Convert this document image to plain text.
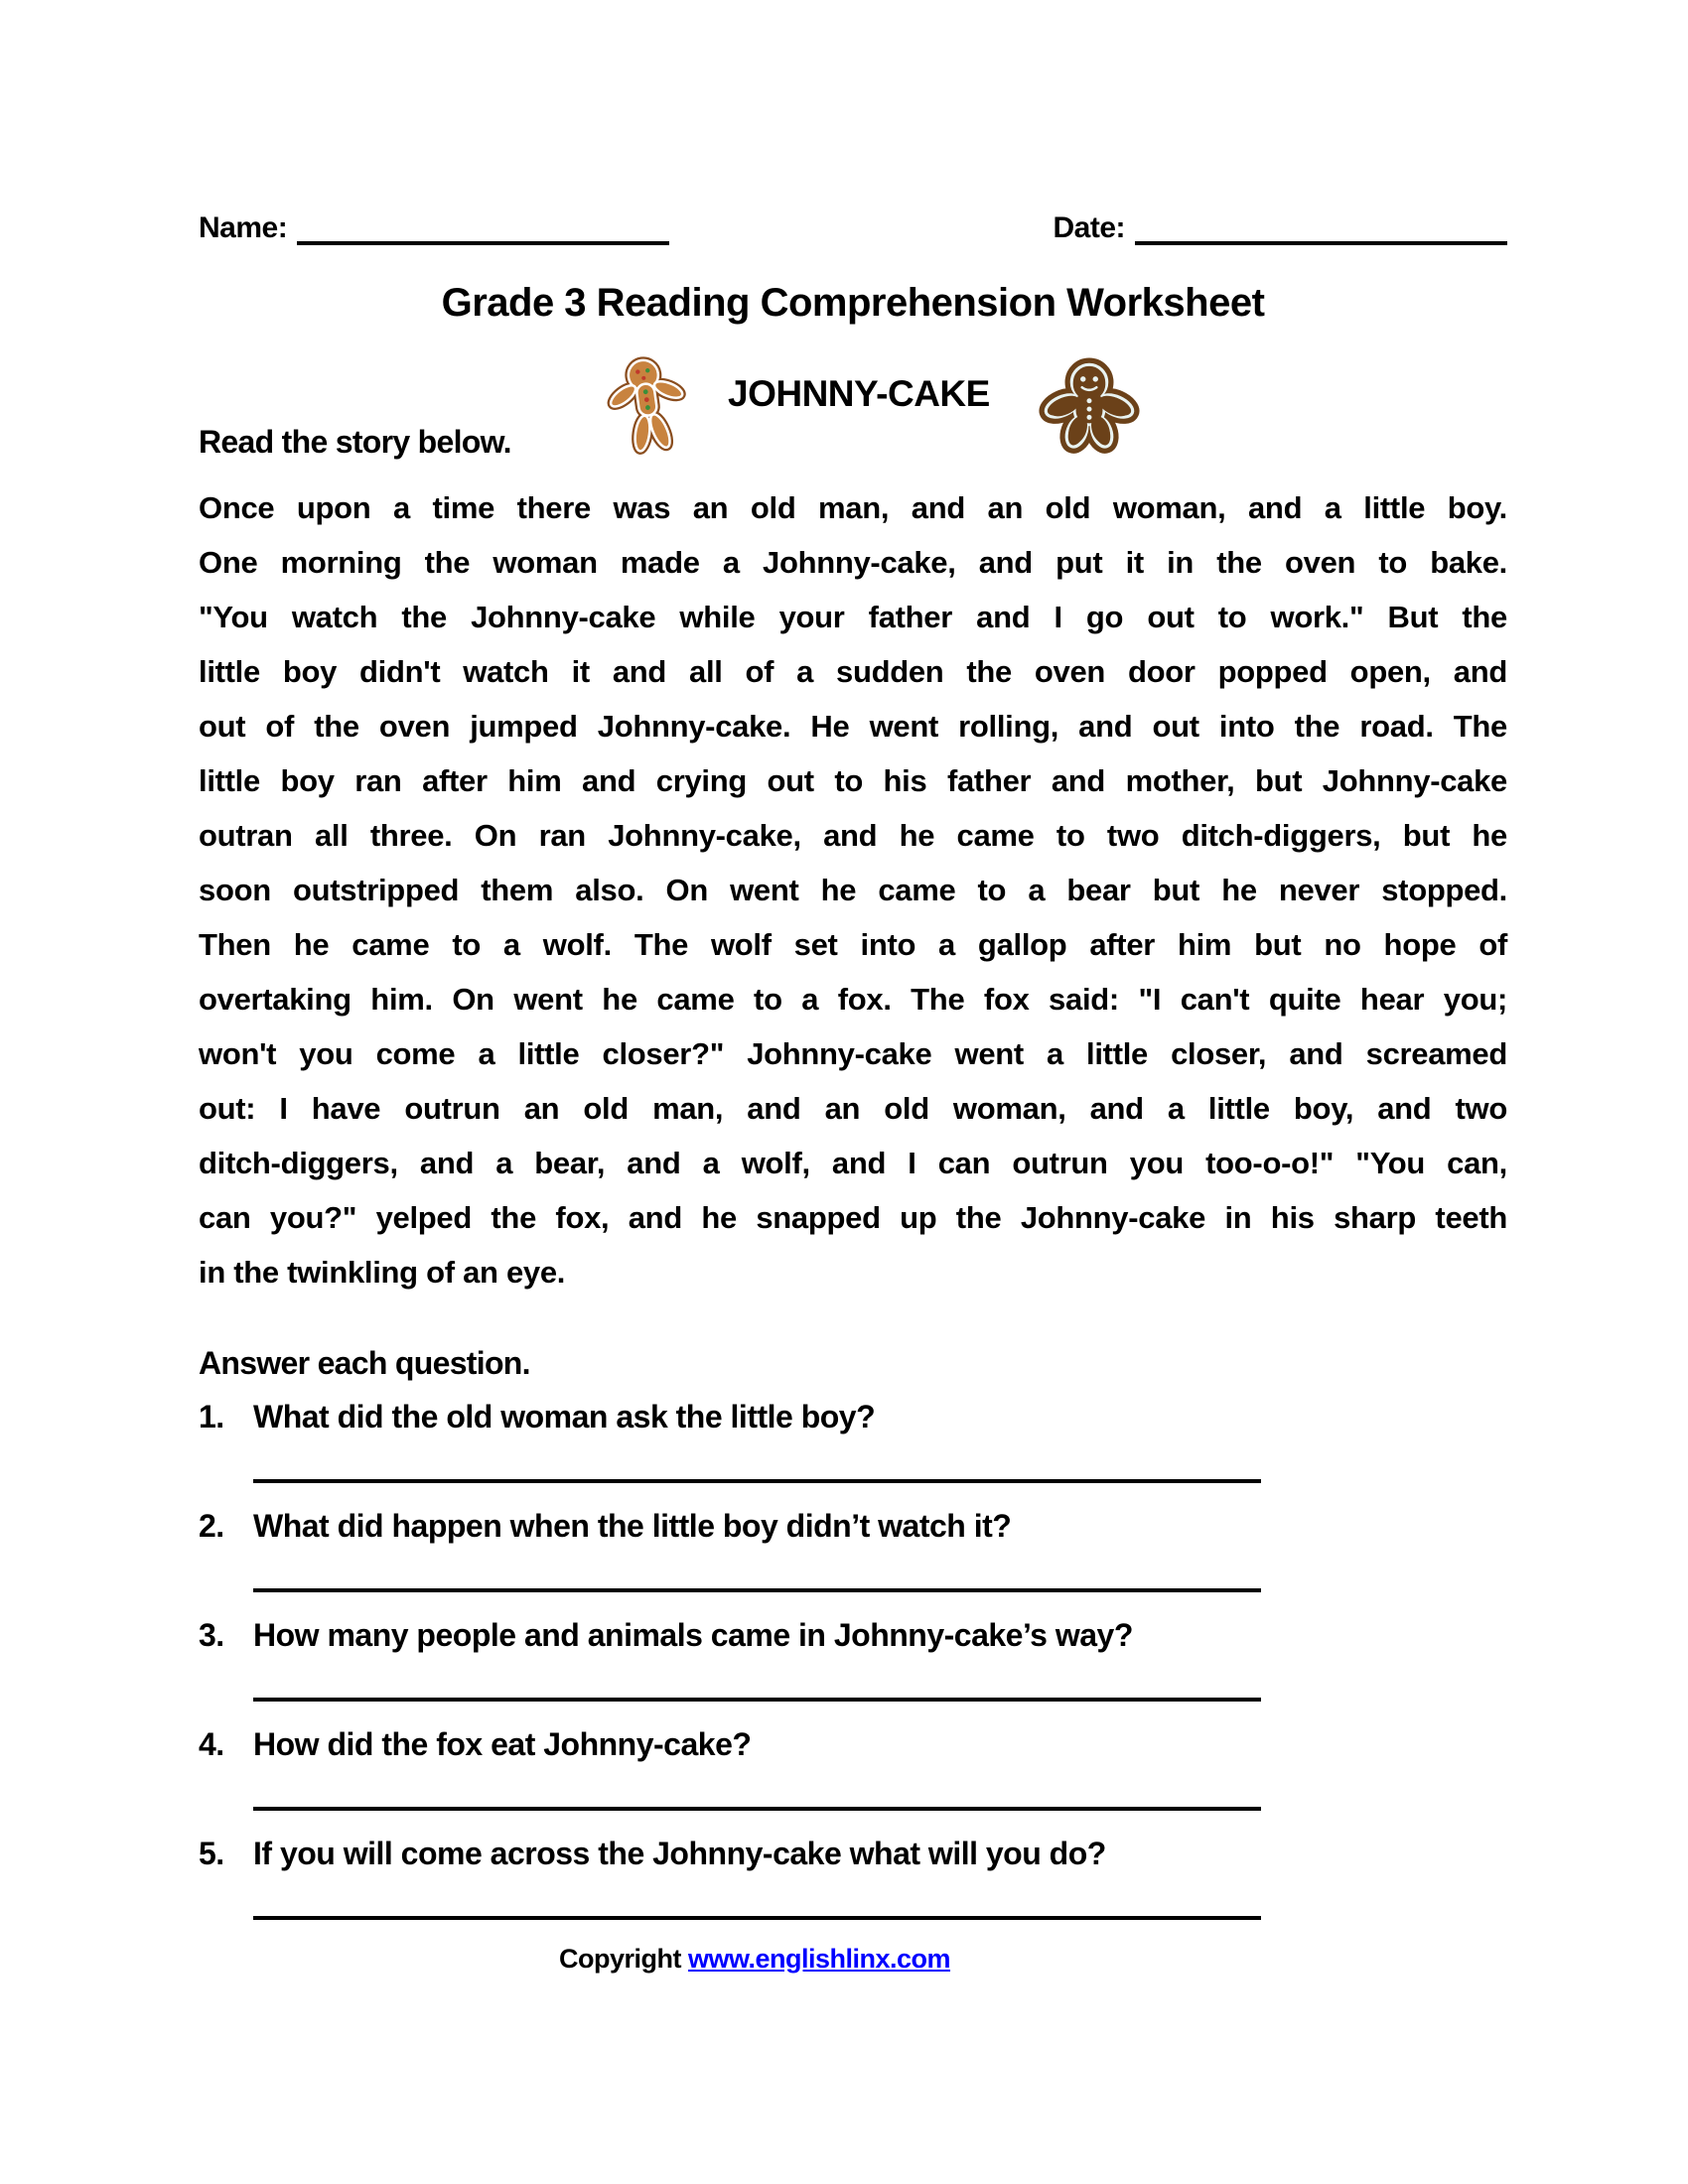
Name:	Date:
Grade 3 Reading Comprehension Worksheet
JOHNNY-CAKE
Read the story below.
Once upon a time there was an old man, and an old woman, and a little boy.
One morning the woman made a Johnny-cake, and put it in the oven to bake.
"You watch the Johnny-cake while your father and I go out to work." But the
little boy didn't watch it and all of a sudden the oven door popped open, and
out of the oven jumped Johnny-cake. He went rolling, and out into the road. The
little boy ran after him and crying out to his father and mother, but Johnny-cake
outran all three. On ran Johnny-cake, and he came to two ditch-diggers, but he
soon outstripped them also. On went he came to a bear but he never stopped.
Then he came to a wolf. The wolf set into a gallop after him but no hope of
overtaking him. On went he came to a fox. The fox said: "I can't quite hear you;
won't you come a little closer?" Johnny-cake went a little closer, and screamed
out: I have outrun an old man, and an old woman, and a little boy, and two
ditch-diggers, and a bear, and a wolf, and I can outrun you too-o-o!" "You can,
can you?" yelped the fox, and he snapped up the Johnny-cake in his sharp teeth
in the twinkling of an eye.
Answer each question.
1. What did the old woman ask the little boy?
2. What did happen when the little boy didn’t watch it?
3. How many people and animals came in Johnny-cake’s way?
4. How did the fox eat Johnny-cake?
5. If you will come across the Johnny-cake what will you do?
Copyright www.englishlinx.com
